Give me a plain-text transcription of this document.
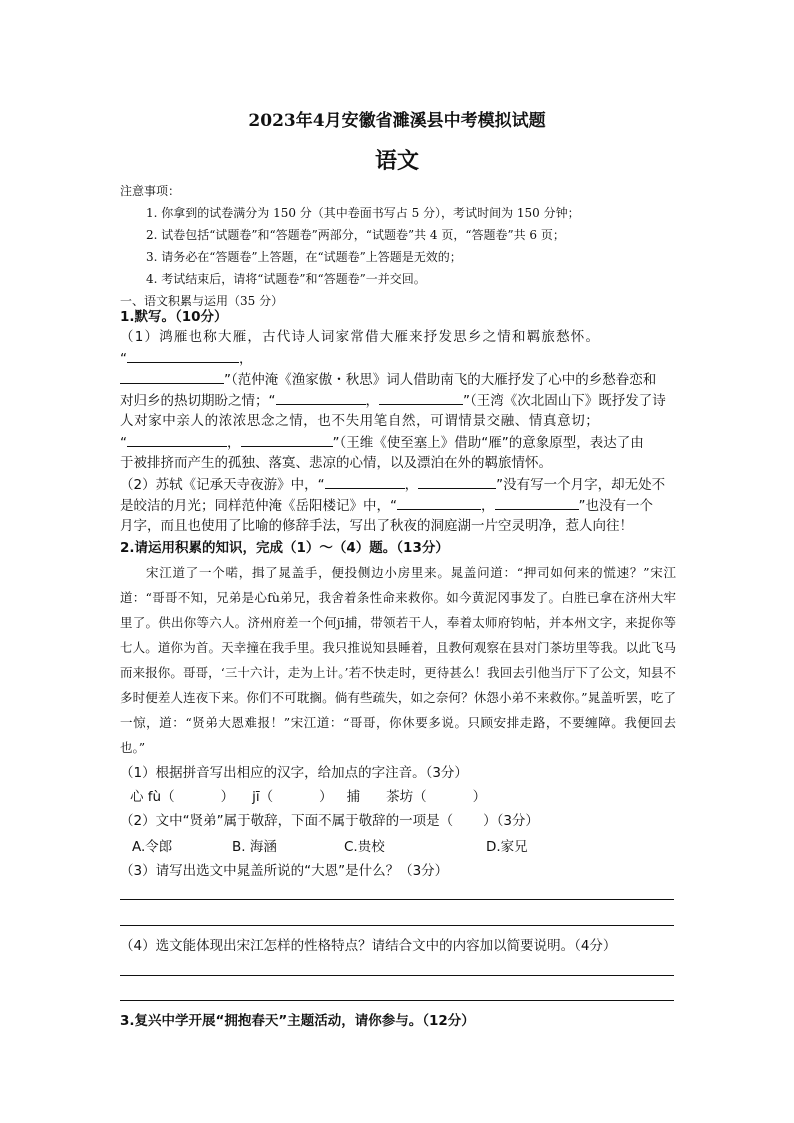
2023年4月安徽省濉溪县中考模拟试题
语文
注意事项：
1. 你拿到的试卷满分为 150 分（其中卷面书写占 5 分），考试时间为 150 分钟；
2. 试卷包括“试题卷”和“答题卷”两部分，“试题卷”共 4 页，“答题卷”共 6 页；
3. 请务必在“答题卷”上答题，在“试题卷”上答题是无效的；
4. 考试结束后，请将“试题卷”和“答题卷”一并交回。
一、语文积累与运用（35 分）
1.默写。（10分）
（1）鸿雁也称大雁，古代诗人词家常借大雁来抒发思乡之情和羁旅愁怀。
“	，
”（范仲淹《渔家傲・秋思》词人借助南飞的大雁抒发了心中的乡愁眷恋和
对归乡的热切期盼之情；“	，	”（王湾《次北固山下》既抒发了诗
人对家中亲人的浓浓思念之情，也不失用笔自然，可谓情景交融、情真意切；
“	，	”（王维《使至塞上》借助“雁”的意象原型，表达了由
于被排挤而产生的孤独、落寞、悲凉的心情，以及漂泊在外的羁旅情怀。
（2）苏轼《记承天寺夜游》中，“	，	”没有写一个月字，却无处不
是皎洁的月光；同样范仲淹《岳阳楼记》中，“	，	”也没有一个
月字，而且也使用了比喻的修辞手法，写出了秋夜的洞庭湖一片空灵明净，惹人向往！
2.请运用积累的知识，完成（1）～（4）题。（13分）
宋江道了一个喏，揖了晁盖手，便投侧边小房里来。晁盖问道：“押司如何来的慌速？”宋江道：“哥哥不知，兄弟是心fù弟兄，我舍着条性命来救你。如今黄泥冈事发了。白胜已拿在济州大牢里了。供出你等六人。济州府差一个何jī捕，带领若干人，奉着太师府钧帖，并本州文字，来捉你等七人。道你为首。天幸撞在我手里。我只推说知县睡着，且教何观察在县对门茶坊里等我。以此飞马而来报你。哥哥，‘三十六计，走为上计。’若不快走时，更待甚么！我回去引他当厅下了公文，知县不多时便差人连夜下来。你们不可耽搁。倘有些疏失，如之奈何？休怨小弟不来救你。”晁盖听罢，吃了一惊，道：“贤弟大恩难报！”宋江道：“哥哥，你休要多说。只顾安排走路，不要缠障。我便回去也。”
（1）根据拼音写出相应的汉字，给加点的字注音。（3分）
心 fù（	） jī（	） 捕 茶坊（	）
（2）文中“贤弟”属于敬辞，下面不属于敬辞的一项是（ ）（3分）
A.令郎	B. 海涵	C.贵校	D.家兄
（3）请写出选文中晁盖所说的“大恩”是什么？（3分）
（4）选文能体现出宋江怎样的性格特点？请结合文中的内容加以简要说明。（4分）
3.复兴中学开展“拥抱春天”主题活动，请你参与。（12分）
